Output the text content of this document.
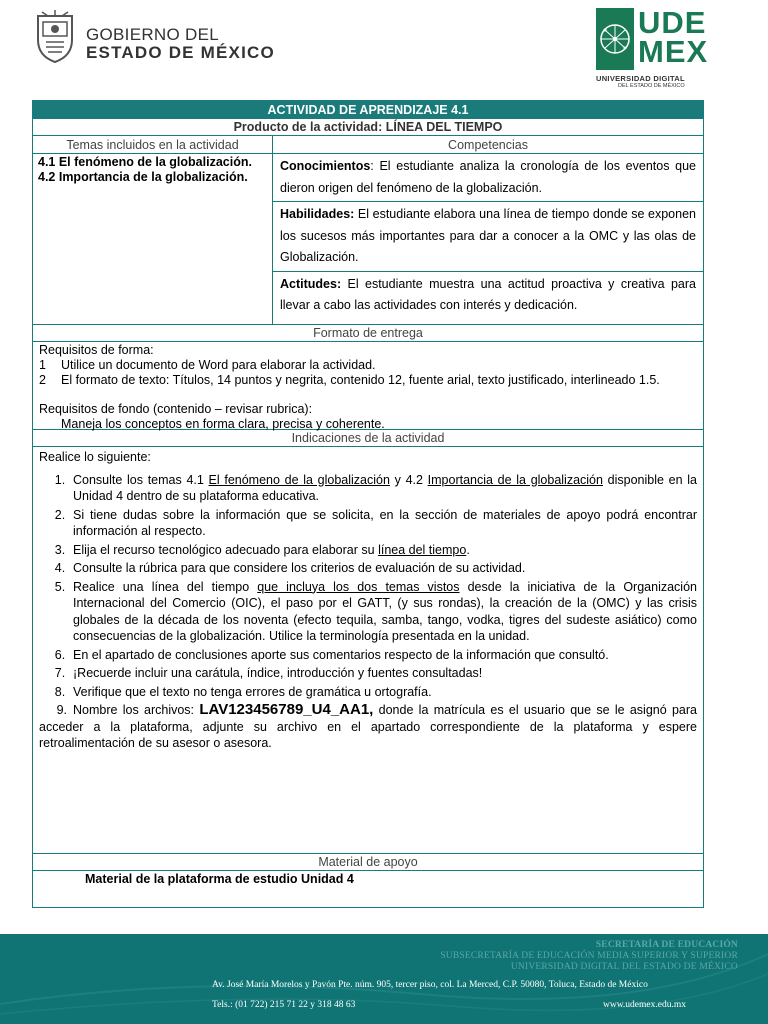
GOBIERNO DEL
ESTADO DE MÉXICO
UDE
MEX
UNIVERSIDAD DIGITAL
DEL ESTADO DE MÉXICO
ACTIVIDAD DE APRENDIZAJE 4.1
Producto de la actividad: LÍNEA DEL TIEMPO
Temas incluidos en la actividad	Competencias
4.1 El fenómeno de la globalización.
4.2 Importancia de la globalización.
Conocimientos: El estudiante analiza la cronología de los eventos que dieron origen del fenómeno de la globalización.
Habilidades: El estudiante elabora una línea de tiempo donde se exponen los sucesos más importantes para dar a conocer a la OMC y las olas de Globalización.
Actitudes: El estudiante muestra una actitud proactiva y creativa para llevar a cabo las actividades con interés y dedicación.
Formato de entrega
Requisitos de forma:
1	Utilice un documento de Word para elaborar la actividad.
2	El formato de texto: Títulos, 14 puntos y negrita, contenido 12, fuente arial, texto justificado, interlineado 1.5.
Requisitos de fondo (contenido – revisar rubrica):
Maneja los conceptos en forma clara, precisa y coherente.
Indicaciones de la actividad
Realice lo siguiente:
1. Consulte los temas 4.1 El fenómeno de la globalización y 4.2 Importancia de la globalización disponible en la Unidad 4 dentro de su plataforma educativa.
2. Si tiene dudas sobre la información que se solicita, en la sección de materiales de apoyo podrá encontrar información al respecto.
3. Elija el recurso tecnológico adecuado para elaborar su línea del tiempo.
4. Consulte la rúbrica para que considere los criterios de evaluación de su actividad.
5. Realice una línea del tiempo que incluya los dos temas vistos desde la iniciativa de la Organización Internacional del Comercio (OIC), el paso por el GATT, (y sus rondas), la creación de la (OMC) y las crisis globales de la década de los noventa (efecto tequila, samba, tango, vodka, tigres del sudeste asiático) como consecuencias de la globalización. Utilice la terminología presentada en la unidad.
6. En el apartado de conclusiones aporte sus comentarios respecto de la información que consultó.
7. ¡Recuerde incluir una carátula, índice, introducción y fuentes consultadas!
8. Verifique que el texto no tenga errores de gramática u ortografía.
9. Nombre los archivos: LAV123456789_U4_AA1, donde la matrícula es el usuario que se le asignó para acceder a la plataforma, adjunte su archivo en el apartado correspondiente de la plataforma y espere retroalimentación de su asesor o asesora.
Material de apoyo
Material de la plataforma de estudio Unidad 4
SECRETARÍA DE EDUCACIÓN
SUBSECRETARÍA DE EDUCACIÓN MEDIA SUPERIOR Y SUPERIOR
UNIVERSIDAD DIGITAL DEL ESTADO DE MÉXICO
Av. José María Morelos y Pavón Pte. núm. 905, tercer piso, col. La Merced, C.P. 50080, Toluca, Estado de México
Tels.: (01 722) 215 71 22 y 318 48 63	www.udemex.edu.mx
